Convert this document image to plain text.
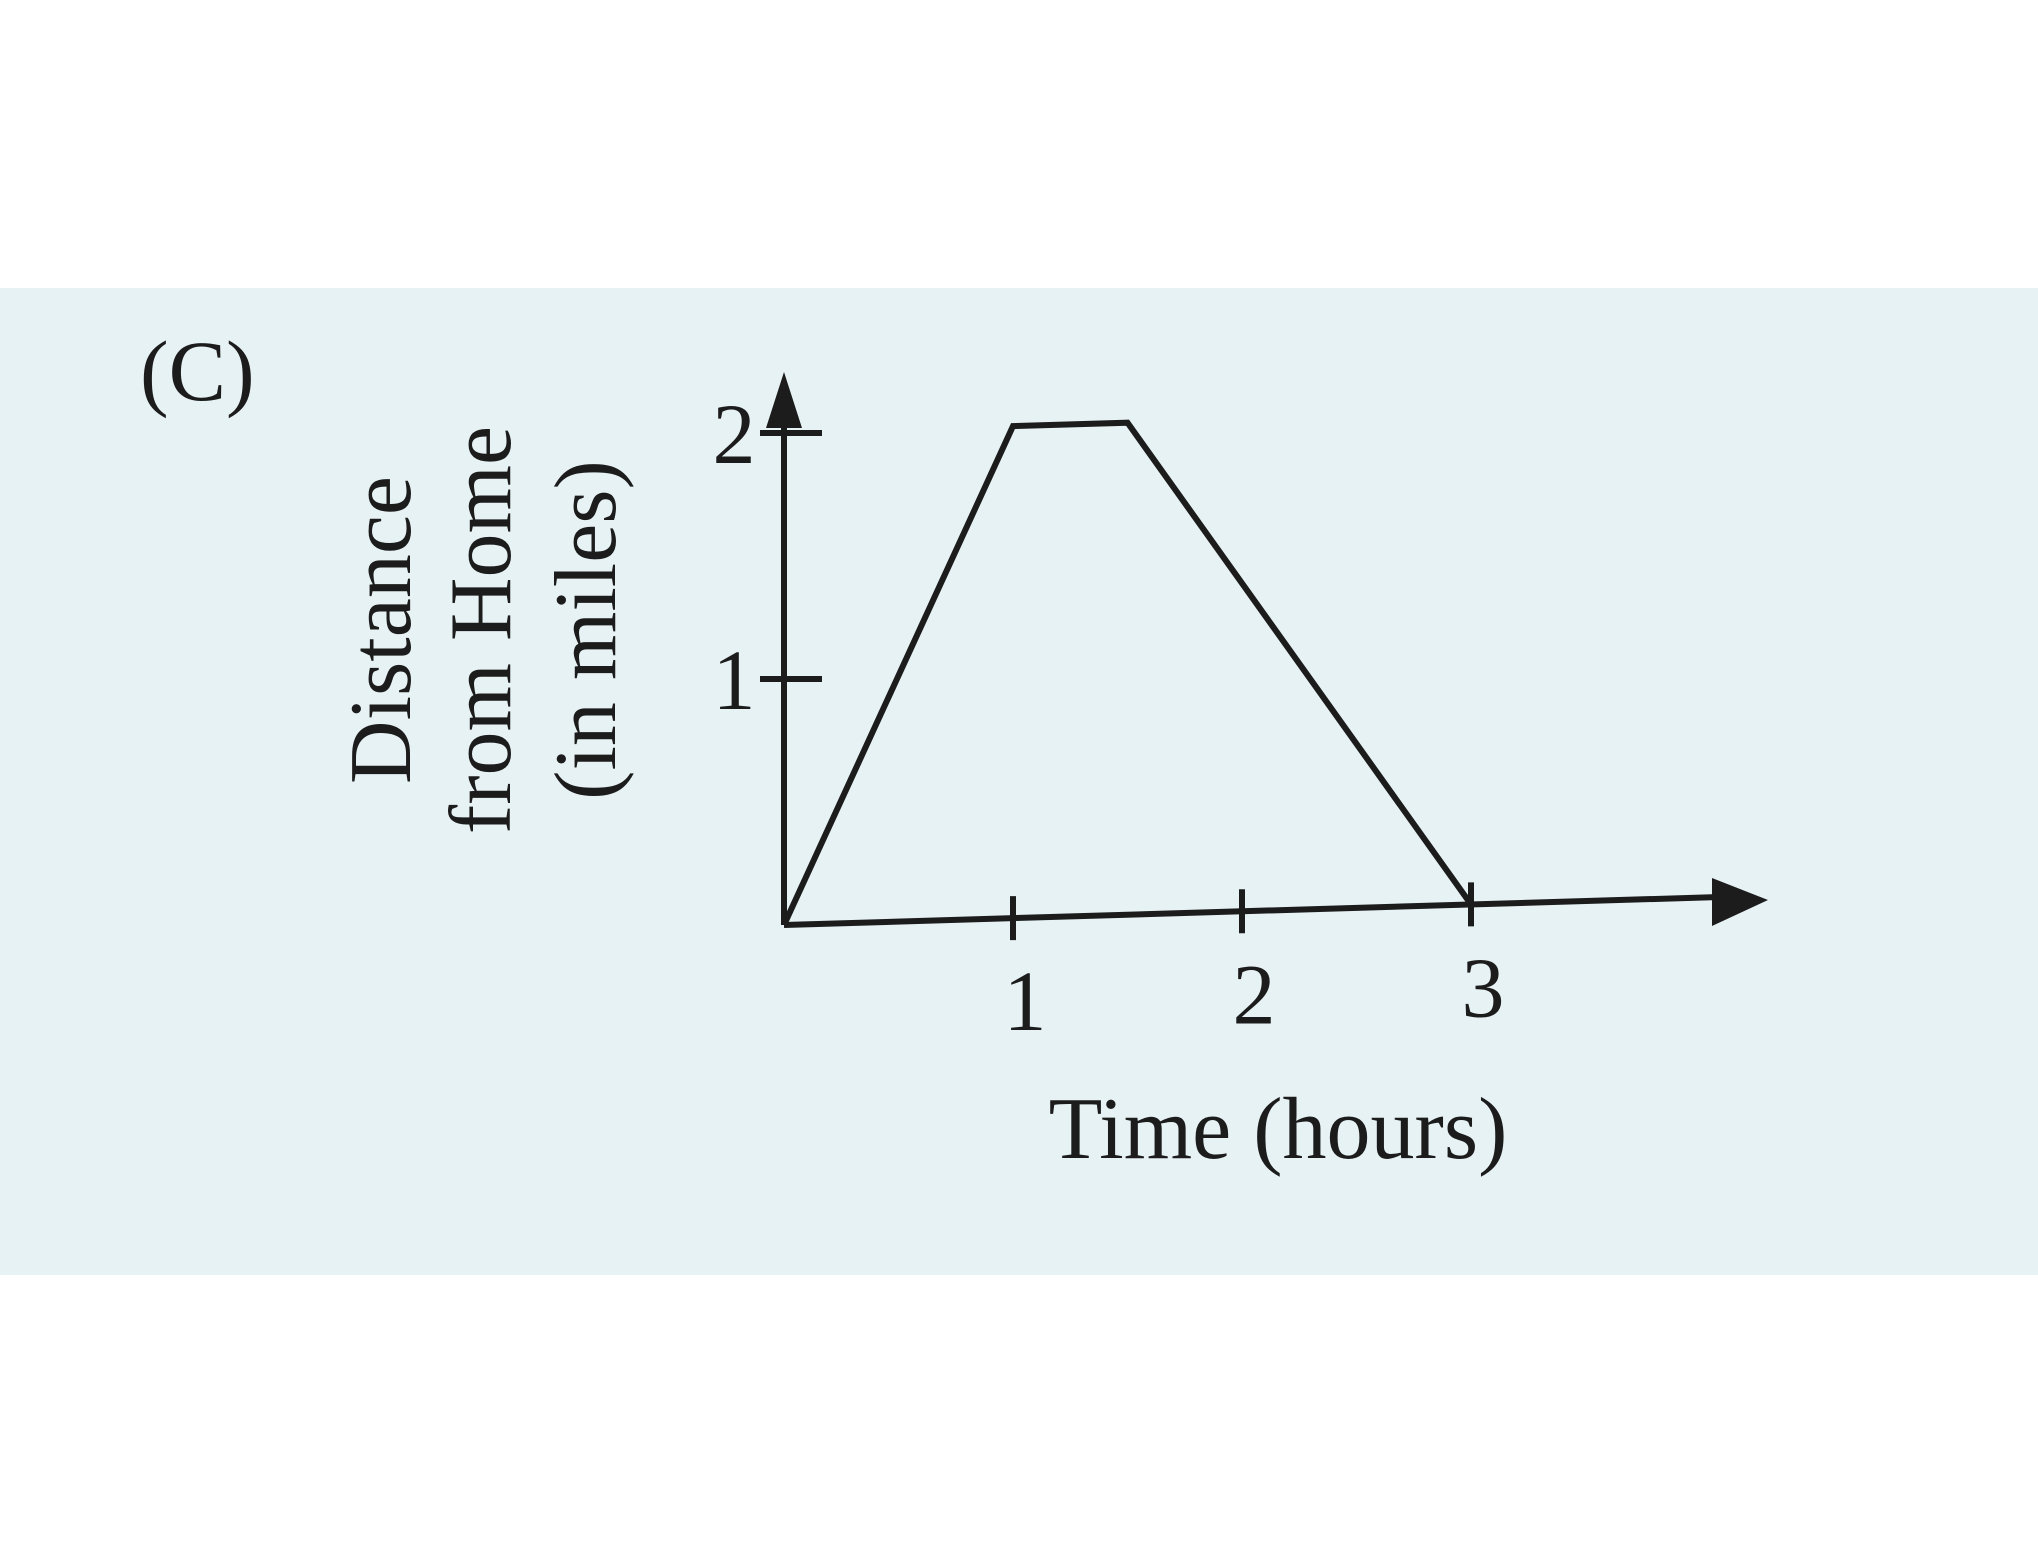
(C)
Distance from Home (in miles)
1 2 3
1
2
Time (hours)
